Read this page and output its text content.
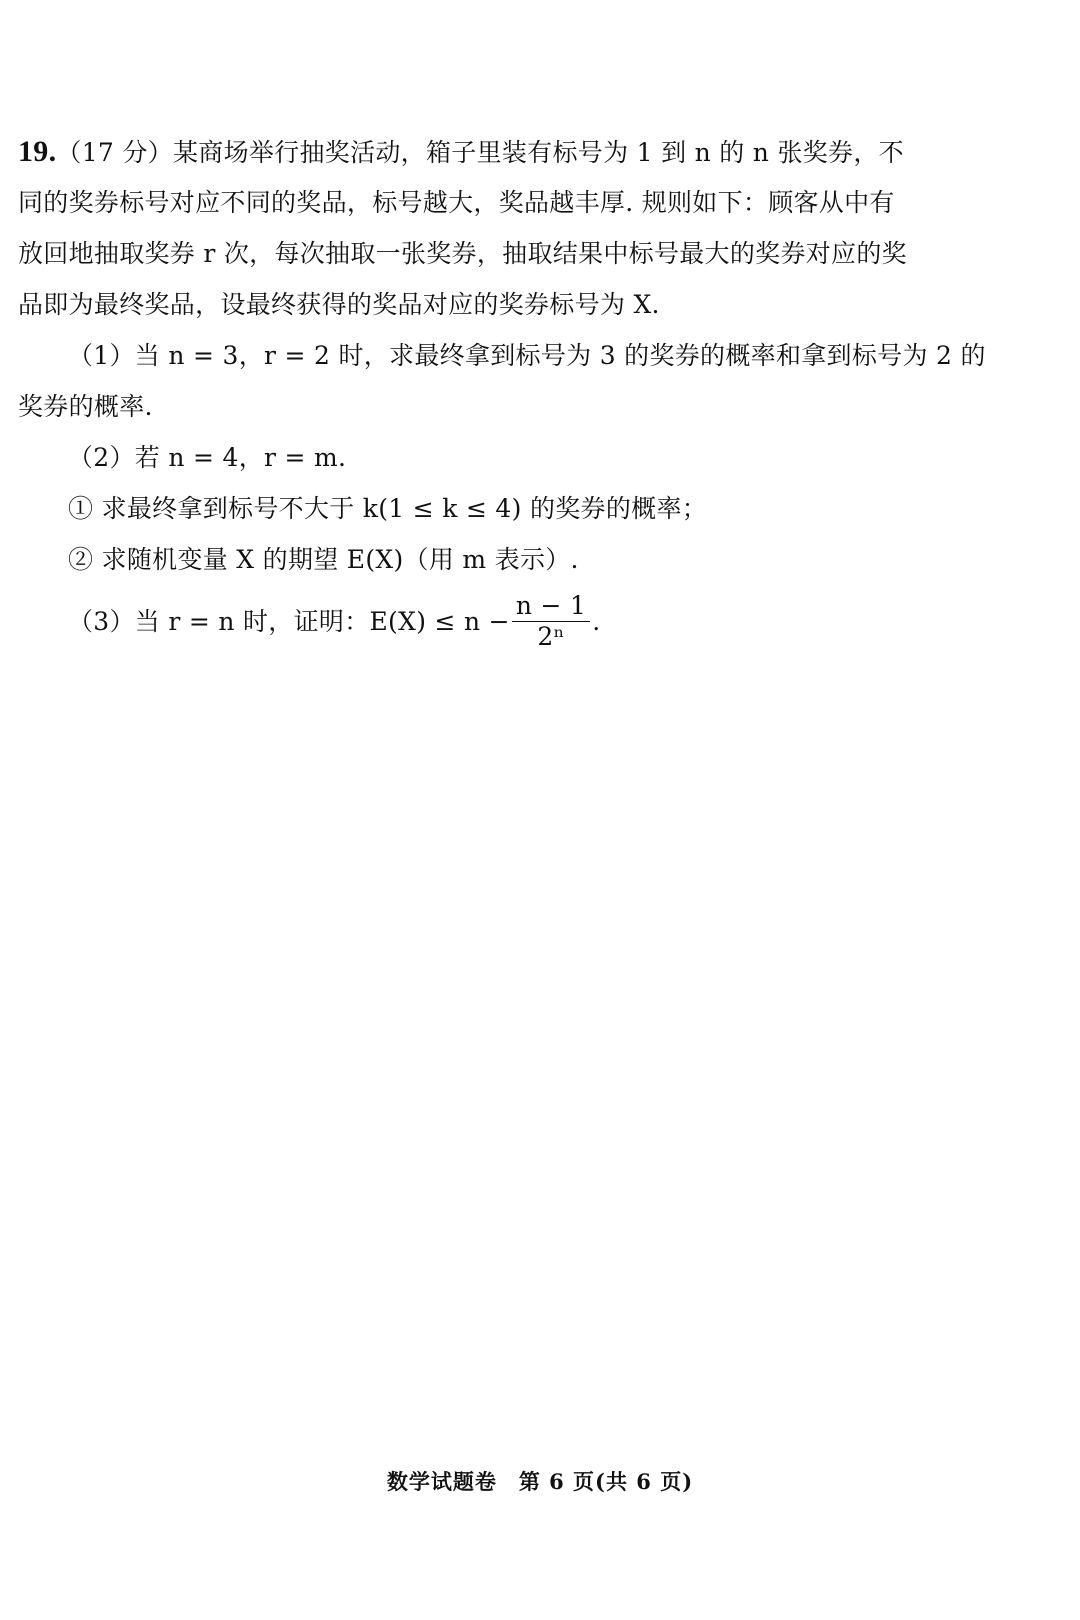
19.（17 分）某商场举行抽奖活动，箱子里装有标号为 1 到 n 的 n 张奖券，不
同的奖券标号对应不同的奖品，标号越大，奖品越丰厚. 规则如下：顾客从中有
放回地抽取奖券 r 次，每次抽取一张奖券，抽取结果中标号最大的奖券对应的奖
品即为最终奖品，设最终获得的奖品对应的奖券标号为 X.
（1）当 n = 3，r = 2 时，求最终拿到标号为 3 的奖券的概率和拿到标号为 2 的
奖券的概率.
（2）若 n = 4，r = m.
① 求最终拿到标号不大于 k(1 ≤ k ≤ 4) 的奖券的概率；
② 求随机变量 X 的期望 E(X)（用 m 表示）.
（3）当 r = n 时，证明：$E(X) \le n - \frac{n - 1}{\text{2ⁿ}}$ .
数学试题卷　第 6 页(共 6 页)
